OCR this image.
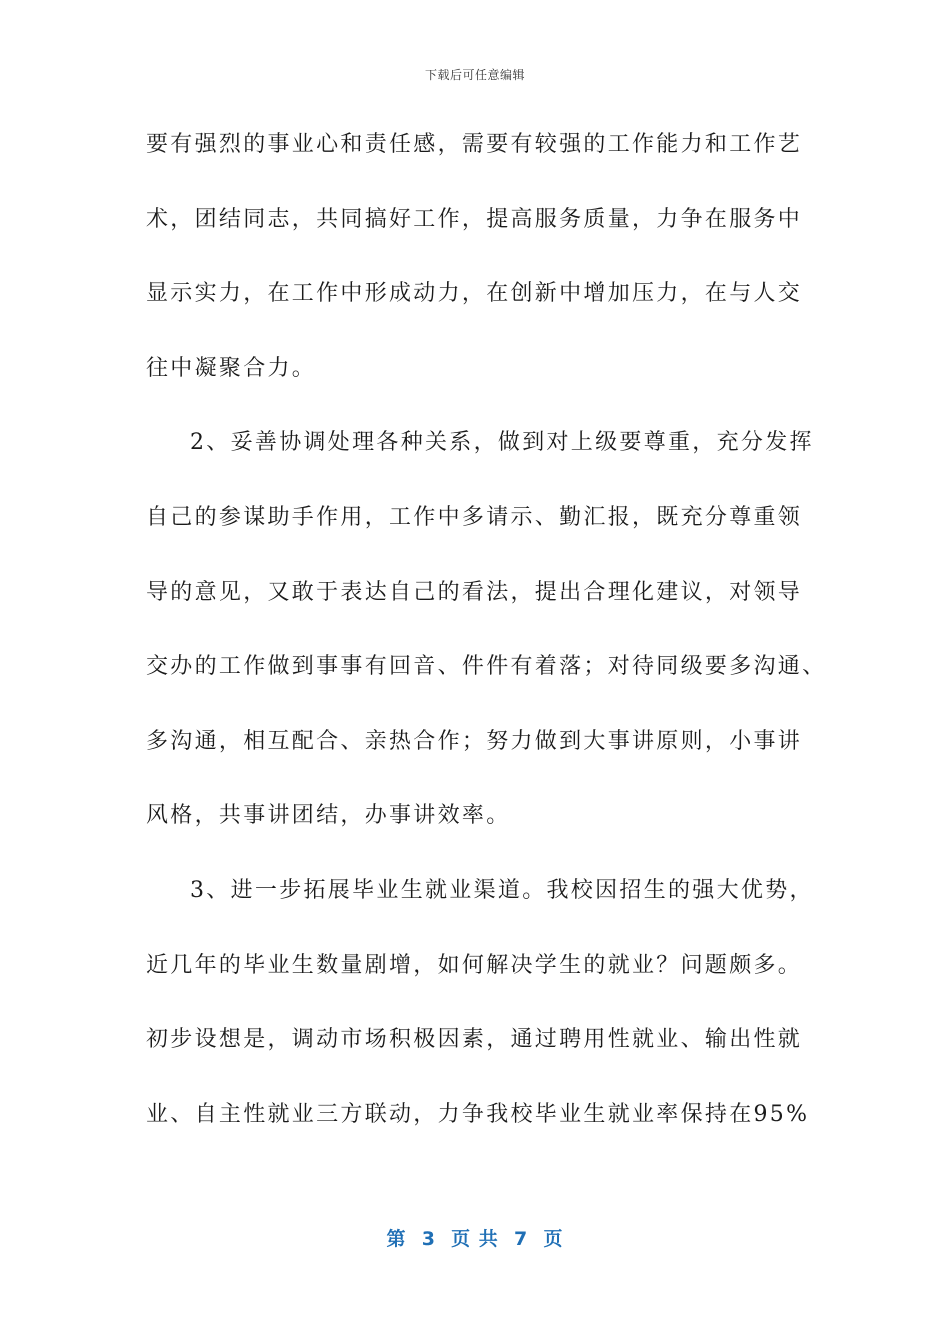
下载后可任意编辑
要有强烈的事业心和责任感，需要有较强的工作能力和工作艺
术，团结同志，共同搞好工作，提高服务质量，力争在服务中
显示实力，在工作中形成动力，在创新中增加压力，在与人交
往中凝聚合力。
2、妥善协调处理各种关系，做到对上级要尊重，充分发挥
自己的参谋助手作用，工作中多请示、勤汇报，既充分尊重领
导的意见，又敢于表达自己的看法，提出合理化建议，对领导
交办的工作做到事事有回音、件件有着落；对待同级要多沟通、
多沟通，相互配合、亲热合作；努力做到大事讲原则，小事讲
风格，共事讲团结，办事讲效率。
3、进一步拓展毕业生就业渠道。我校因招生的强大优势，
近几年的毕业生数量剧增，如何解决学生的就业？问题颇多。
初步设想是，调动市场积极因素，通过聘用性就业、输出性就
业、自主性就业三方联动，力争我校毕业生就业率保持在95%
第  3  页 共  7  页
